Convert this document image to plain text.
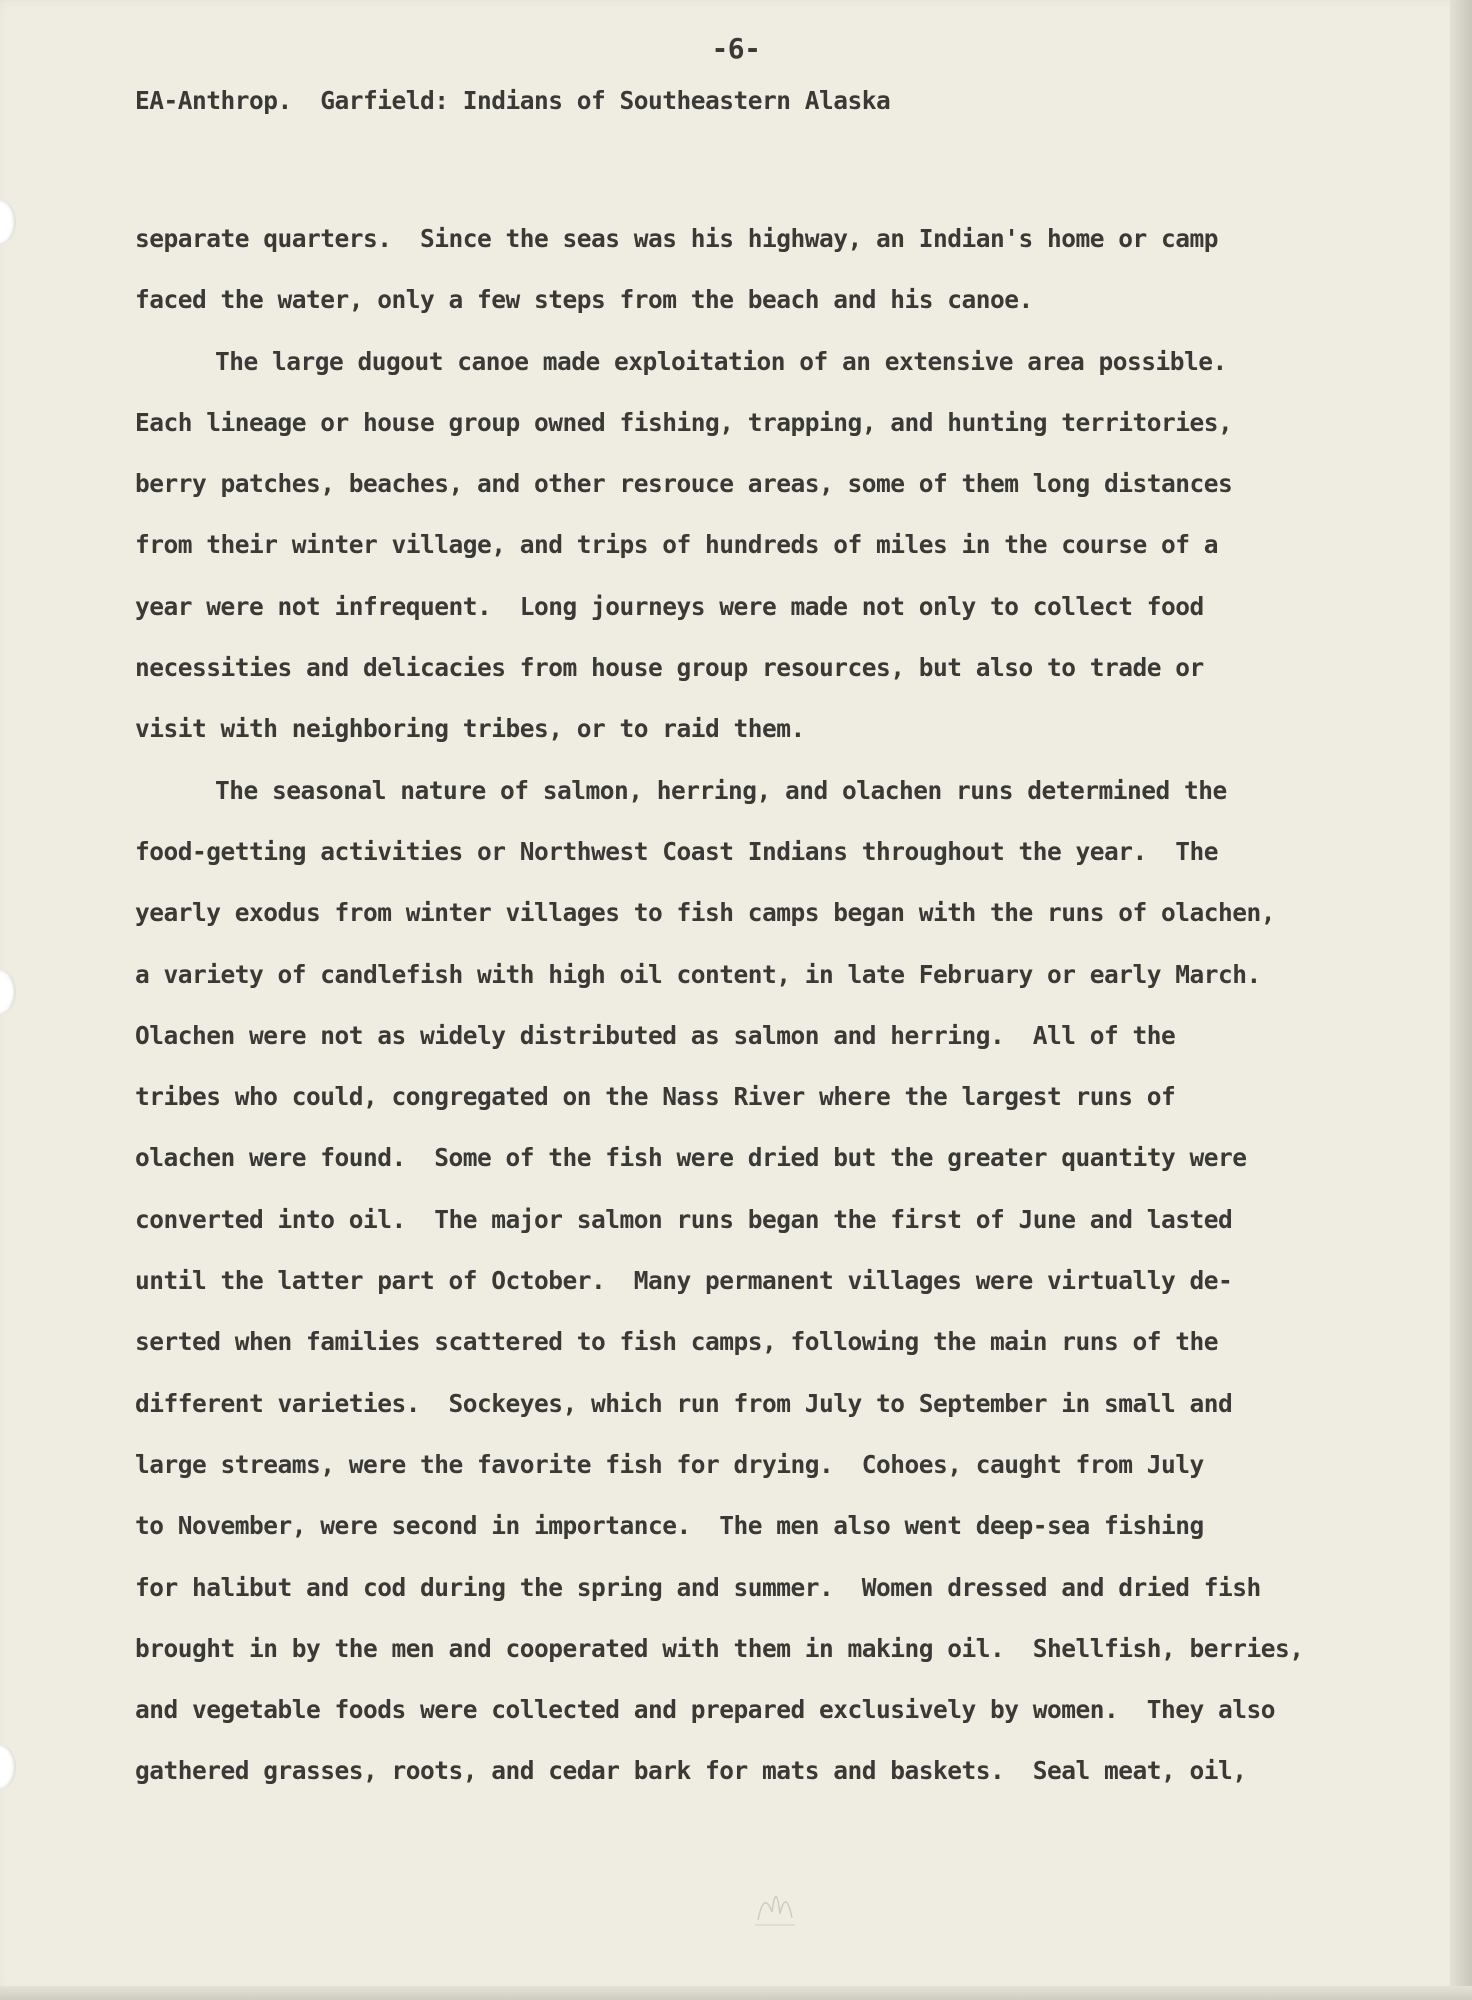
-6-
EA-Anthrop.  Garfield: Indians of Southeastern Alaska
separate quarters.  Since the seas was his highway, an Indian's home or camp
faced the water, only a few steps from the beach and his canoe.
The large dugout canoe made exploitation of an extensive area possible.
Each lineage or house group owned fishing, trapping, and hunting territories,
berry patches, beaches, and other resrouce areas, some of them long distances
from their winter village, and trips of hundreds of miles in the course of a
year were not infrequent.  Long journeys were made not only to collect food
necessities and delicacies from house group resources, but also to trade or
visit with neighboring tribes, or to raid them.
The seasonal nature of salmon, herring, and olachen runs determined the
food-getting activities or Northwest Coast Indians throughout the year.  The
yearly exodus from winter villages to fish camps began with the runs of olachen,
a variety of candlefish with high oil content, in late February or early March.
Olachen were not as widely distributed as salmon and herring.  All of the
tribes who could, congregated on the Nass River where the largest runs of
olachen were found.  Some of the fish were dried but the greater quantity were
converted into oil.  The major salmon runs began the first of June and lasted
until the latter part of October.  Many permanent villages were virtually de-
serted when families scattered to fish camps, following the main runs of the
different varieties.  Sockeyes, which run from July to September in small and
large streams, were the favorite fish for drying.  Cohoes, caught from July
to November, were second in importance.  The men also went deep-sea fishing
for halibut and cod during the spring and summer.  Women dressed and dried fish
brought in by the men and cooperated with them in making oil.  Shellfish, berries,
and vegetable foods were collected and prepared exclusively by women.  They also
gathered grasses, roots, and cedar bark for mats and baskets.  Seal meat, oil,
